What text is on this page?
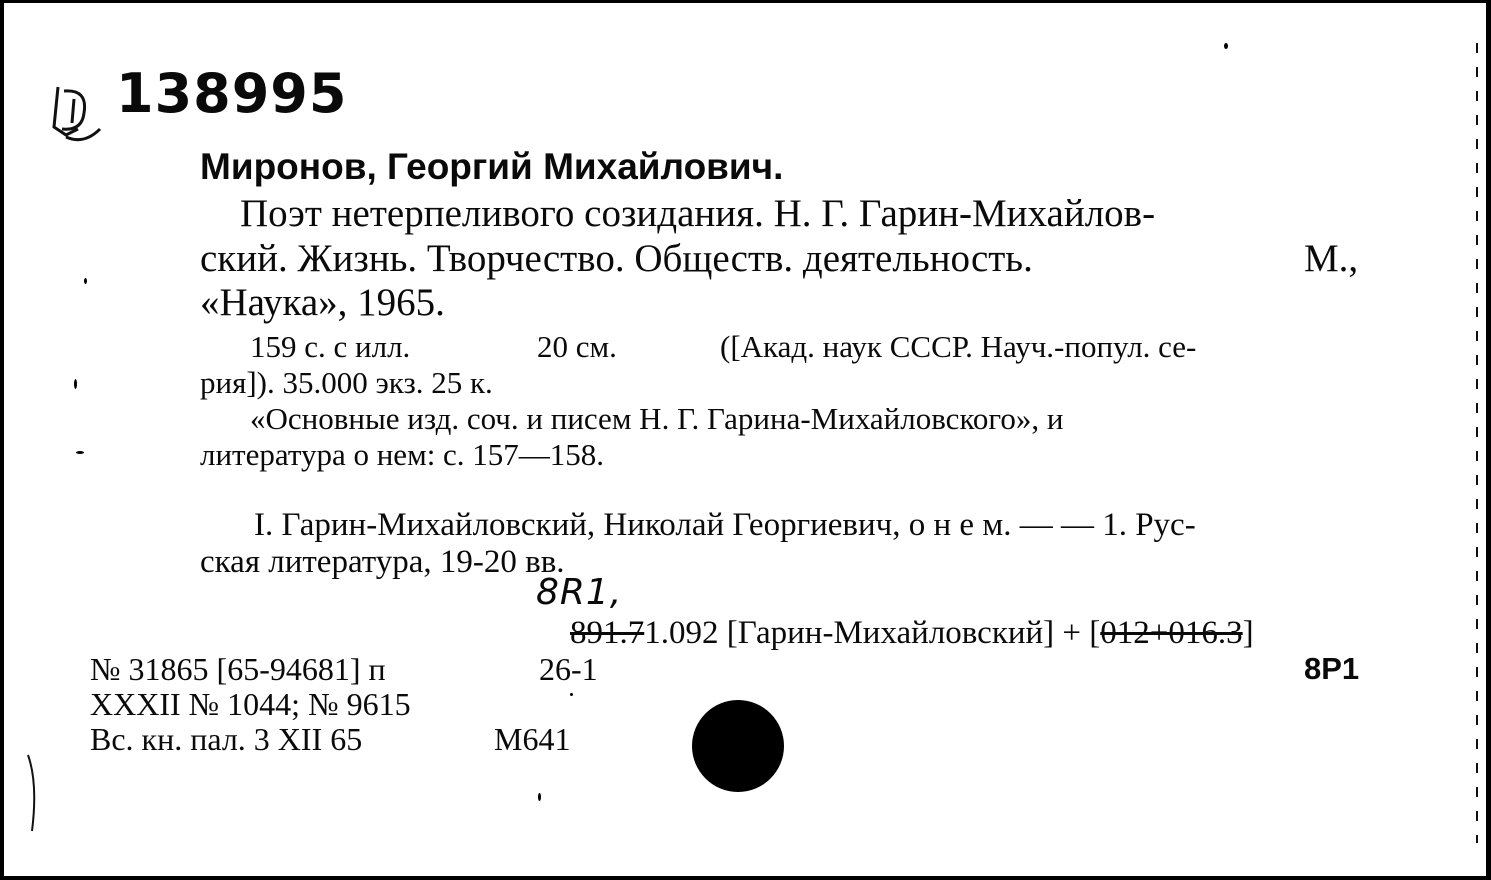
138995
Миронов, Георгий Михайлович.
Поэт нетерпеливого созидания. Н. Г. Гарин-Михайлов-
ский. Жизнь. Творчество. Обществ. деятельность.	М.,
«Наука», 1965.
159 с. с илл.	20 см.	([Акад. наук СССР. Науч.-попул. се-
рия]). 35.000 экз. 25 к.
«Основные изд. соч. и писем Н. Г. Гарина-Михайловского», и
литература о нем: с. 157—158.
I. Гарин-Михайловский, Николай Георгиевич, о н е м. — — 1. Рус-
ская литература, 19-20 вв.
8R1,
891.71.092 [Гарин-Михайловский] + [012+016.3]
№ 31865 [65-94681] п
XXXII № 1044; № 9615
Вс. кн. пал. 3 XII 65
26-1
М641
8Р1
